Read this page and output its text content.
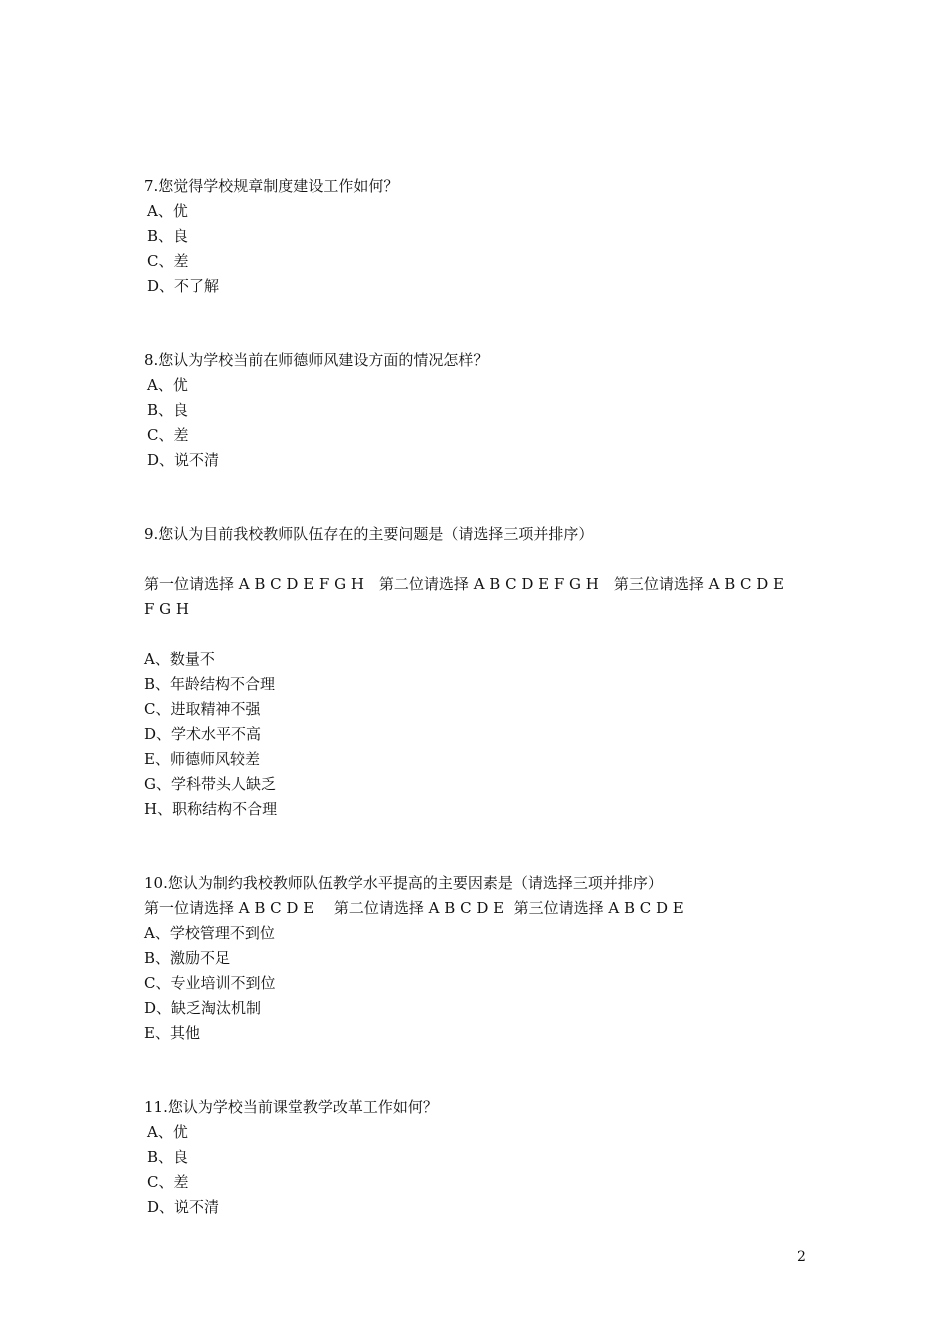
7.您觉得学校规章制度建设工作如何？
A、优
B、良
C、差
D、不了解
8.您认为学校当前在师德师风建设方面的情况怎样？
A、优
B、良
C、差
D、说不清
9.您认为目前我校教师队伍存在的主要问题是（请选择三项并排序）
第一位请选择 A B C D E F G H　第二位请选择 A B C D E F G H　第三位请选择 A B C D E
F G H
A、数量不
B、年龄结构不合理
C、进取精神不强
D、学术水平不高
E、师德师风较差
G、学科带头人缺乏
H、职称结构不合理
10.您认为制约我校教师队伍教学水平提高的主要因素是（请选择三项并排序）
第一位请选择 A B C D E　 第二位请选择 A B C D E  第三位请选择 A B C D E
A、学校管理不到位
B、激励不足
C、专业培训不到位
D、缺乏淘汰机制
E、其他
11.您认为学校当前课堂教学改革工作如何？
A、优
B、良
C、差
D、说不清
2
